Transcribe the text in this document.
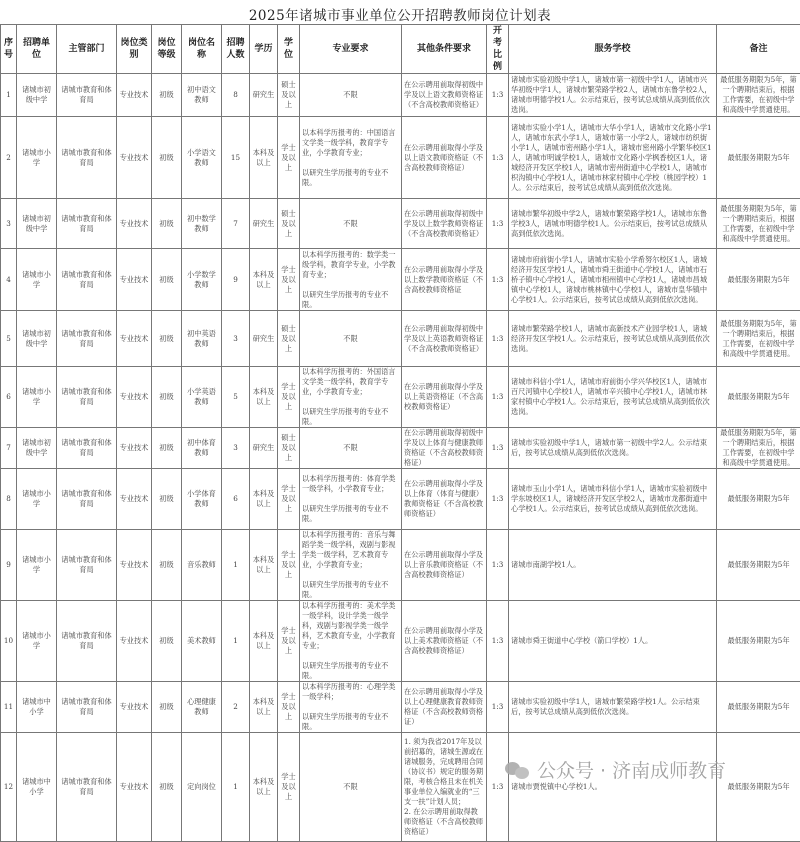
2025年诸城市事业单位公开招聘教师岗位计划表
序号	招聘单位	主管部门	岗位类别	岗位等级	岗位名称	招聘人数	学历	学位	专业要求	其他条件要求	开考比例	服务学校	备注
1	诸城市初级中学	诸城市教育和体育局	专业技术	初级	初中语文教师	8	研究生	硕士及以上	不限	在公示聘用前取得初级中学及以上语文教师资格证（不含高校教师资格证）	1:3	诸城市实验初级中学1人，诸城市第一初级中学1人，诸城市兴华初级中学1人，诸城市繁荣路学校2人，诸城市东鲁学校2人，诸城市明德学校1人。公示结束后，按考试总成绩从高到低依次选岗。	最低服务期限为5年，第一个聘期结束后，根据工作需要，在初级中学和高级中学贯通使用。
2	诸城市小学	诸城市教育和体育局	专业技术	初级	小学语文教师	15	本科及以上	学士及以上	以本科学历报考的：中国语言文学类一级学科，教育学专业，小学教育专业；

以研究生学历报考的专业不限。	在公示聘用前取得小学及以上语文教师资格证（不含高校教师资格证）	1:3	诸城市实验小学1人，诸城市大华小学1人，诸城市文化路小学1人，诸城市东武小学1人，诸城市第一小学2人，诸城市纺织街小学1人，诸城市密州路小学1人，诸城市密州路小学繁华校区1人，诸城市明诚学校1人，诸城市文化路小学枫香校区1人，诸城经济开发区学校1人，诸城市密州街道中心学校1人，诸城市枳沟镇中心学校1人，诸城市林家村镇中心学校（桃园学校）1人。公示结束后，按考试总成绩从高到低依次选岗。	最低服务期限为5年
3	诸城市初级中学	诸城市教育和体育局	专业技术	初级	初中数学教师	7	研究生	硕士及以上	不限	在公示聘用前取得初级中学及以上数学教师资格证（不含高校教师资格证）	1:3	诸城市繁华初级中学2人，诸城市繁荣路学校1人，诸城市东鲁学校3人，诸城市明德学校1人。公示结束后，按考试总成绩从高到低依次选岗。	最低服务期限为5年，第一个聘期结束后，根据工作需要，在初级中学和高级中学贯通使用。
4	诸城市小学	诸城市教育和体育局	专业技术	初级	小学数学教师	9	本科及以上	学士及以上	以本科学历报考的：数学类一级学科，教育学专业，小学教育专业；

以研究生学历报考的专业不限。	在公示聘用前取得小学及以上数学教师资格证（不含高校教师资格证	1:3	诸城市府前街小学1人，诸城市实验小学希努尔校区1人，诸城经济开发区学校1人，诸城市舜王街道中心学校1人，诸城市石桥子镇中心学校1人，诸城市相州镇中心学校1人，诸城市昌城镇中心学校1人，诸城市桃林镇中心学校1人，诸城市皇华镇中心学校1人。公示结束后，按考试总成绩从高到低依次选岗。	最低服务期限为5年
5	诸城市初级中学	诸城市教育和体育局	专业技术	初级	初中英语教师	3	研究生	硕士及以上	不限	在公示聘用前取得初级中学及以上英语教师资格证（不含高校教师资格证）	1:3	诸城市繁荣路学校1人，诸城市高新技术产业园学校1人，诸城经济开发区学校1人。公示结束后，按考试总成绩从高到低依次选岗。	最低服务期限为5年，第一个聘期结束后，根据工作需要，在初级中学和高级中学贯通使用。
6	诸城市小学	诸城市教育和体育局	专业技术	初级	小学英语教师	5	本科及以上	学士及以上	以本科学历报考的：外国语言文学类一级学科，教育学专业，小学教育专业；

以研究生学历报考的专业不限。	在公示聘用前取得小学及以上英语资格证（不含高校教师资格证）	1:3	诸城市科信小学1人，诸城市府前街小学兴华校区1人，诸城市百尺河镇中心学校1人，诸城市辛兴镇中心学校1人，诸城市林家村镇中心学校1人。公示结束后，按考试总成绩从高到低依次选岗。	最低服务期限为5年
7	诸城市初级中学	诸城市教育和体育局	专业技术	初级	初中体育教师	3	研究生	硕士及以上	不限	在公示聘用前取得初级中学及以上体育与健康教师资格证（不含高校教师资格证）	1:3	诸城市实验初级中学1人，诸城市第一初级中学2人。公示结束后，按考试总成绩从高到低依次选岗。	最低服务期限为5年，第一个聘期结束后，根据工作需要，在初级中学和高级中学贯通使用。
8	诸城市小学	诸城市教育和体育局	专业技术	初级	小学体育教师	6	本科及以上	学士及以上	以本科学历报考的：体育学类一级学科，小学教育专业；

以研究生学历报考的专业不限。	在公示聘用前取得小学及以上体育（体育与健康）教师资格证（不含高校教师资格证）	1:3	诸城市玉山小学1人，诸城市科信小学1人，诸城市实验初级中学东坡校区1人，诸城经济开发区学校2人，诸城市龙都街道中心学校1人。公示结束后，按考试总成绩从高到低依次选岗。	最低服务期限为5年
9	诸城市小学	诸城市教育和体育局	专业技术	初级	音乐教师	1	本科及以上	学士及以上	以本科学历报考的：音乐与舞蹈学类一级学科，戏剧与影视学类一级学科，艺术教育专业，小学教育专业；

以研究生学历报考的专业不限。	在公示聘用前取得小学及以上音乐教师资格证（不含高校教师资格证）	1:3	诸城市南湖学校1人。	最低服务期限为5年
10	诸城市小学	诸城市教育和体育局	专业技术	初级	美术教师	1	本科及以上	学士及以上	以本科学历报考的：美术学类一级学科，设计学类一级学科，戏剧与影视学类一级学科，艺术教育专业，小学教育专业；

以研究生学历报考的专业不限。	在公示聘用前取得小学及以上美术教师资格证（不含高校教师资格证）	1:3	诸城市舜王街道中心学校（箭口学校）1人。	最低服务期限为5年
11	诸城市中小学	诸城市教育和体育局	专业技术	初级	心理健康教师	2	本科及以上	学士及以上	以本科学历报考的：心理学类一级学科；

以研究生学历报考的专业不限。	在公示聘用前取得小学及以上心理健康教育教师资格证（不含高校教师资格证）	1:3	诸城市实验初级中学1人，诸城市繁荣路学校1人。公示结束后，按考试总成绩从高到低依次选岗。	最低服务期限为5年
12	诸城市中小学	诸城市教育和体育局	专业技术	初级	定向岗位	1	本科及以上	学士及以上	不限	1. 须为我省2017年及以前招募的，诸城生源或在诸城服务，完成聘用合同（协议书）规定的服务期限，考核合格且未在机关事业单位入编就业的“三支一扶”计划人员；
2. 在公示聘用前取得教师资格证（不含高校教师资格证）	1:3	诸城市贾悦镇中心学校1人。	最低服务期限为5年
公众号 · 济南成师教育
